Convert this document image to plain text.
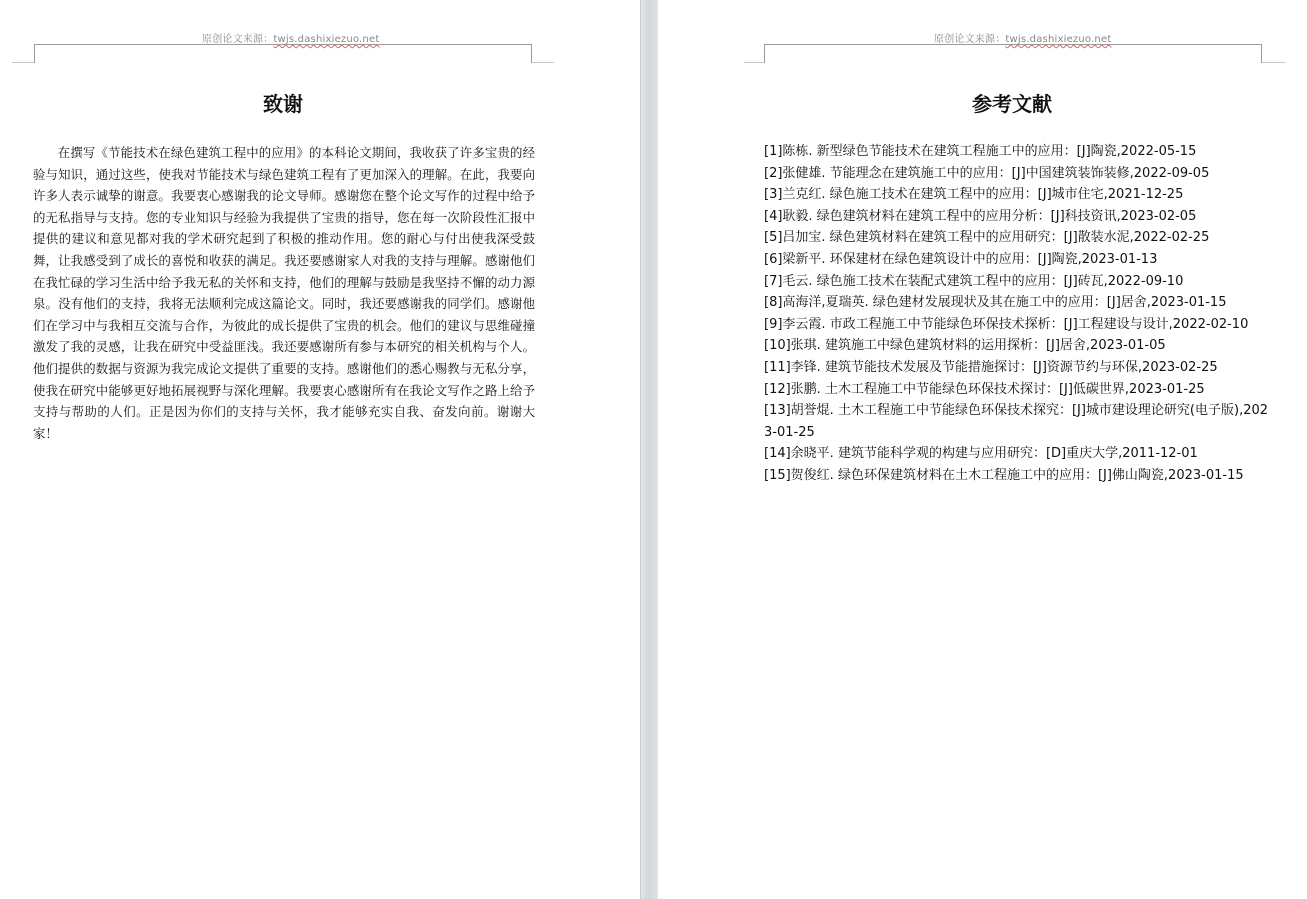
原创论文来源：twjs.dashixiezuo.net
致谢
在撰写《节能技术在绿色建筑工程中的应用》的本科论文期间，我收获了许多宝贵的经验与知识，通过这些，使我对节能技术与绿色建筑工程有了更加深入的理解。在此，我要向许多人表示诚挚的谢意。我要衷心感谢我的论文导师。感谢您在整个论文写作的过程中给予的无私指导与支持。您的专业知识与经验为我提供了宝贵的指导，您在每一次阶段性汇报中提供的建议和意见都对我的学术研究起到了积极的推动作用。您的耐心与付出使我深受鼓舞，让我感受到了成长的喜悦和收获的满足。我还要感谢家人对我的支持与理解。感谢他们在我忙碌的学习生活中给予我无私的关怀和支持，他们的理解与鼓励是我坚持不懈的动力源泉。没有他们的支持，我将无法顺利完成这篇论文。同时，我还要感谢我的同学们。感谢他们在学习中与我相互交流与合作，为彼此的成长提供了宝贵的机会。他们的建议与思维碰撞激发了我的灵感，让我在研究中受益匪浅。我还要感谢所有参与本研究的相关机构与个人。他们提供的数据与资源为我完成论文提供了重要的支持。感谢他们的悉心赐教与无私分享，使我在研究中能够更好地拓展视野与深化理解。我要衷心感谢所有在我论文写作之路上给予支持与帮助的人们。正是因为你们的支持与关怀，我才能够充实自我、奋发向前。谢谢大家！
原创论文来源：twjs.dashixiezuo.net
参考文献
[1]陈栋. 新型绿色节能技术在建筑工程施工中的应用：[J]陶瓷,2022-05-15
[2]张健雄. 节能理念在建筑施工中的应用：[J]中国建筑装饰装修,2022-09-05
[3]兰克红. 绿色施工技术在建筑工程中的应用：[J]城市住宅,2021-12-25
[4]耿毅. 绿色建筑材料在建筑工程中的应用分析：[J]科技资讯,2023-02-05
[5]吕加宝. 绿色建筑材料在建筑工程中的应用研究：[J]散装水泥,2022-02-25
[6]梁新平. 环保建材在绿色建筑设计中的应用：[J]陶瓷,2023-01-13
[7]毛云. 绿色施工技术在装配式建筑工程中的应用：[J]砖瓦,2022-09-10
[8]高海洋,夏瑞英. 绿色建材发展现状及其在施工中的应用：[J]居舍,2023-01-15
[9]李云霞. 市政工程施工中节能绿色环保技术探析：[J]工程建设与设计,2022-02-10
[10]张琪. 建筑施工中绿色建筑材料的运用探析：[J]居舍,2023-01-05
[11]李锋. 建筑节能技术发展及节能措施探讨：[J]资源节约与环保,2023-02-25
[12]张鹏. 土木工程施工中节能绿色环保技术探讨：[J]低碳世界,2023-01-25
[13]胡誉焜. 土木工程施工中节能绿色环保技术探究：[J]城市建设理论研究(电子版),2023-01-25
[14]余晓平. 建筑节能科学观的构建与应用研究：[D]重庆大学,2011-12-01
[15]贺俊红. 绿色环保建筑材料在土木工程施工中的应用：[J]佛山陶瓷,2023-01-15
